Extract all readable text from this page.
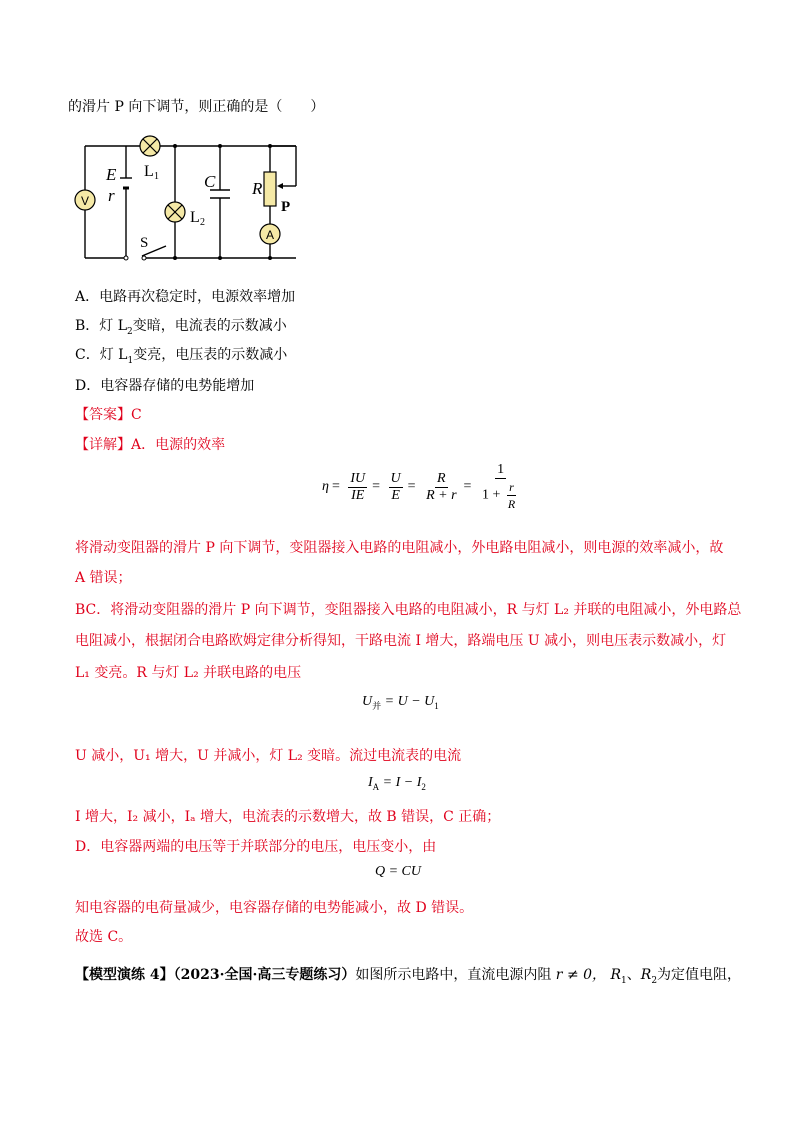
的滑片 P 向下调节，则正确的是（　　）
V
A
E
r
L 1
L 2
C R
P
S
A．电路再次稳定时，电源效率增加
B．灯 $L_2$变暗，电流表的示数减小
C．灯 $L_1$变亮，电压表的示数减小
D．电容器存储的电势能增加
【答案】C
【详解】A．电源的效率
$\eta = \frac{IU}{IE} = \frac{U}{E} = \frac{R}{R + r} = \frac{1}{1 + \frac{r}{R}}$
将滑动变阻器的滑片 P 向下调节，变阻器接入电路的电阻减小，外电路电阻减小，则电源的效率减小，故
A 错误；
BC．将滑动变阻器的滑片 P 向下调节，变阻器接入电路的电阻减小，R 与灯 L₂ 并联的电阻减小，外电路总
电阻减小，根据闭合电路欧姆定律分析得知，干路电流 I 增大，路端电压 U 减小，则电压表示数减小，灯
L₁ 变亮。R 与灯 L₂ 并联电路的电压
$U_并 = U - U_1$
U 减小，U₁ 增大，U 并减小，灯 L₂ 变暗。流过电流表的电流
$I_A = I - I_2$
I 增大，I₂ 减小，Iₐ 增大，电流表的示数增大，故 B 错误，C 正确；
D．电容器两端的电压等于并联部分的电压，电压变小，由
Q = CU
知电容器的电荷量减少，电容器存储的电势能减小，故 D 错误。
故选 C。
【模型演练 4】（2023·全国·高三专题练习）如图所示电路中，直流电源内阻 r ≠ 0， $R_1$、$R_2$为定值电阻，
